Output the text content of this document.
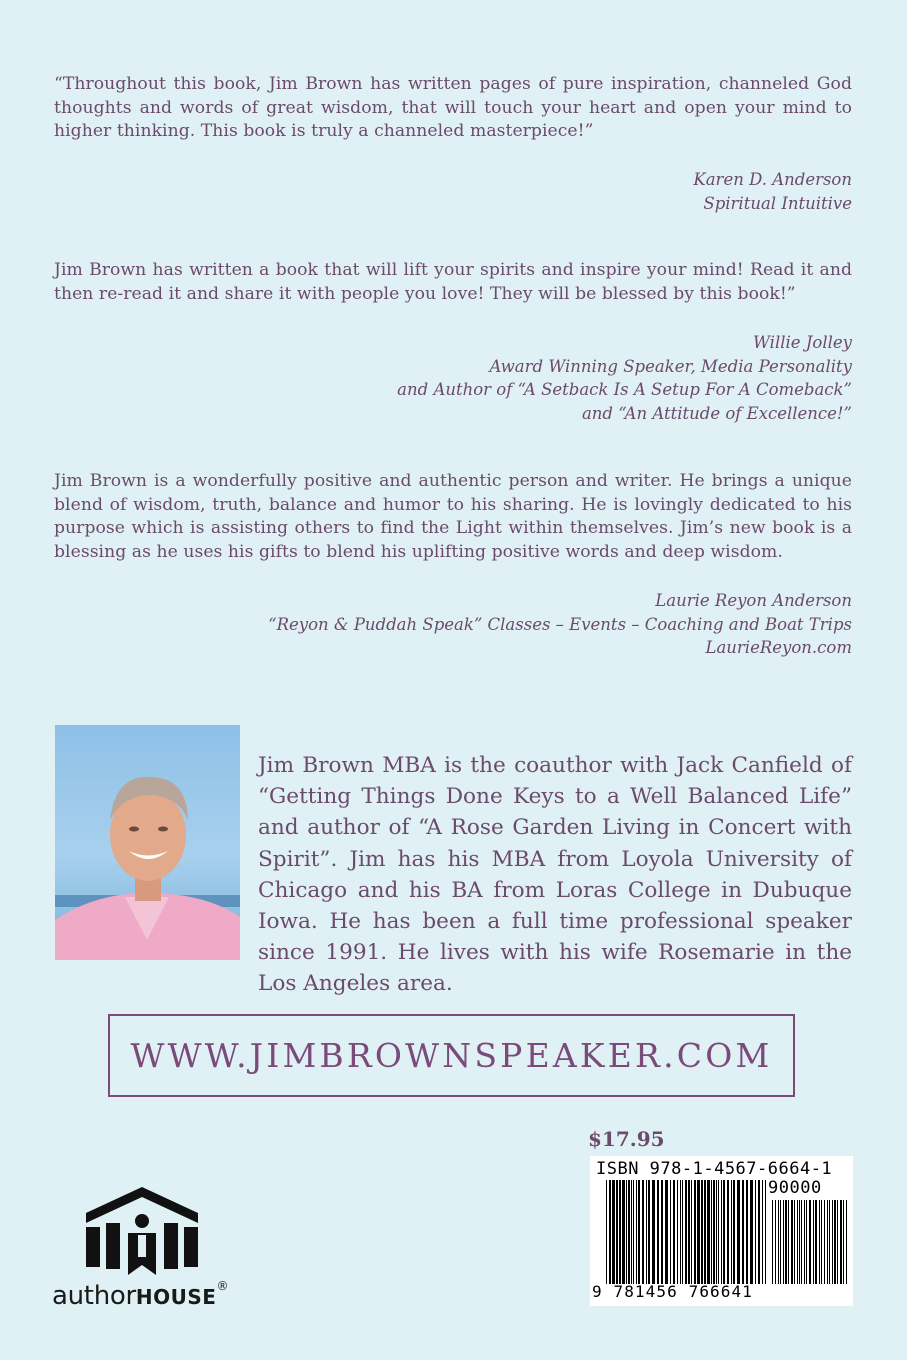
“Throughout this book, Jim Brown has written pages of pure inspiration, channeled God thoughts and words of great wisdom, that will touch your heart and open your mind to higher thinking. This book is truly a channeled masterpiece!”
Karen D. Anderson
Spiritual Intuitive
Jim Brown has written a book that will lift your spirits and inspire your mind! Read it and then re-read it and share it with people you love! They will be blessed by this book!”
Willie Jolley
Award Winning Speaker, Media Personality
and Author of “A Setback Is A Setup For A Comeback”
and “An Attitude of Excellence!”
Jim Brown is a wonderfully positive and authentic person and writer. He brings a unique blend of wisdom, truth, balance and humor to his sharing. He is lovingly dedicated to his purpose which is assisting others to find the Light within themselves. Jim’s new book is a blessing as he uses his gifts to blend his uplifting positive words and deep wisdom.
Laurie Reyon Anderson
“Reyon & Puddah Speak” Classes – Events – Coaching and Boat Trips
LaurieReyon.com
Jim Brown MBA is the coauthor with Jack Canfield of “Getting Things Done Keys to a Well Balanced Life” and author of “A Rose Garden Living in Concert with Spirit”. Jim has his MBA from Loyola University of Chicago and his BA from Loras College in Dubuque Iowa. He has been a full time professional speaker since 1991. He lives with his wife Rosemarie in the Los Angeles area.
WWW.JIMBROWNSPEAKER.COM
$17.95
ISBN 978-1-4567-6664-1
90000
9 781456 766641
authorHOUSE®
